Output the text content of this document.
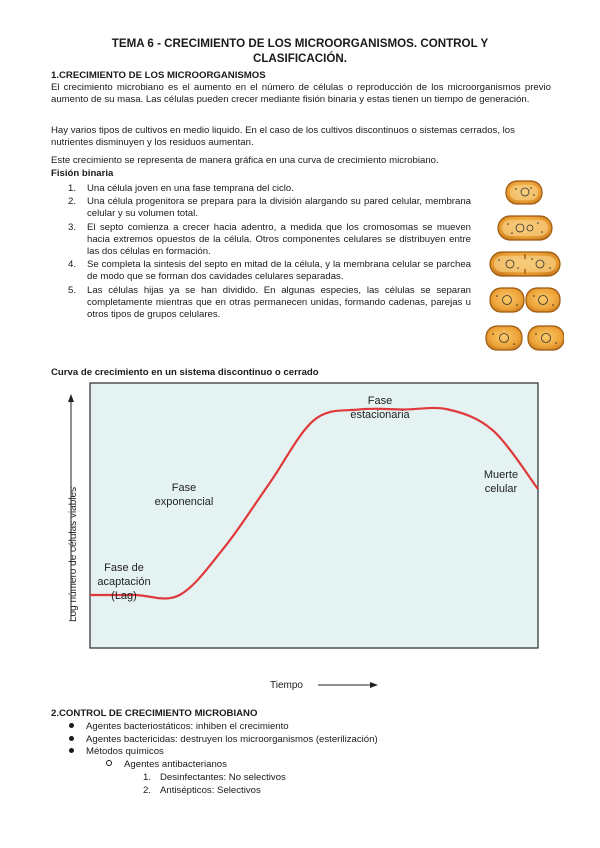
TEMA 6 - CRECIMIENTO DE LOS MICROORGANISMOS. CONTROL Y
CLASIFICACIÓN.
1.CRECIMIENTO DE LOS MICROORGANISMOS
El crecimiento microbiano es el aumento en el número de células o reproducción de los microorganismos previo aumento de su masa. Las células pueden crecer mediante fisión binaria y estas tienen un tiempo de generación.
Hay varios tipos de cultivos en medio liquido. En el caso de los cultivos discontinuos o sistemas cerrados, los nutrientes disminuyen y los residuos aumentan.
Este crecimiento se representa de manera gráfica en una curva de crecimiento microbiano.
Fisión binaria
1.	Una célula joven en una fase temprana del ciclo.
2.	Una célula progenitora se prepara para la división alargando su pared celular, membrana celular y su volumen total.
3.	El septo comienza a crecer hacia adentro, a medida que los cromosomas se mueven hacia extremos opuestos de la célula. Otros componentes celulares se distribuyen entre las dos células en formación.
4.	Se completa la sintesis del septo en mitad de la célula, y la membrana celular se parchea de modo que se forman dos cavidades celulares separadas.
5.	Las células hijas ya se han dividido. En algunas especies, las células se separan completamente mientras que en otras permanecen unidas, formando cadenas, parejas u otros tipos de grupos celulares.
Curva de crecimiento en un sistema discontinuo o cerrado
Log número de células viables
Tiempo
Fase de
acaptación
(Lag)
Fase
exponencial
Fase
estacionaria
Muerte
celular
2.CONTROL DE CRECIMIENTO MICROBIANO
Agentes bacteriostáticos: inhiben el crecimiento
Agentes bactericidas: destruyen los microorganismos (esterilización)
Métodos químicos
Agentes antibacterianos
1. Desinfectantes: No selectivos
2. Antisépticos: Selectivos
